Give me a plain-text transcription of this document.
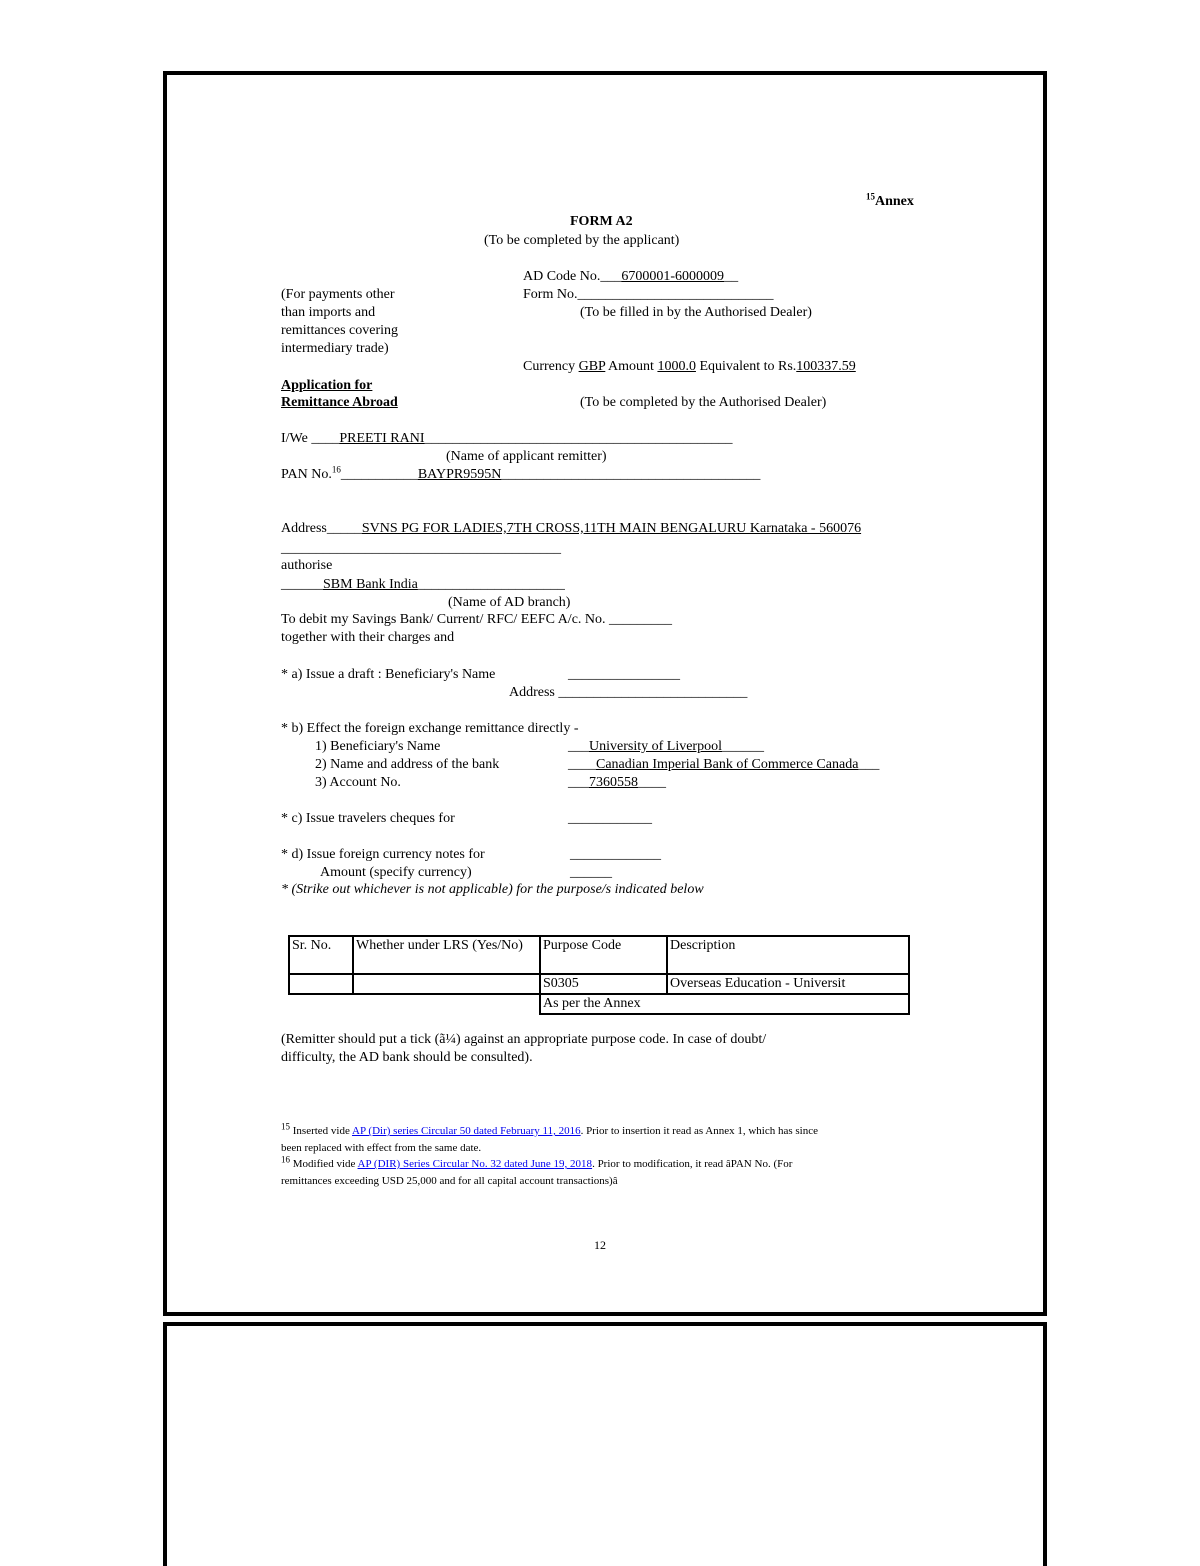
$^{15}$Annex
FORM A2
(To be completed by the applicant)
AD Code No.___6700001-6000009__
Form No.____________________________
(For payments other
than imports and
remittances covering
intermediary trade)
(To be filled in by the Authorised Dealer)
Currency GBP Amount 1000.0 Equivalent to Rs.100337.59
Application for
Remittance Abroad	(To be completed by the Authorised Dealer)
I/We ____PREETI RANI____________________________________________
(Name of applicant remitter)
PAN No.$^{16}$___________BAYPR9595N_____________________________________
Address_____SVNS PG FOR LADIES,7TH CROSS,11TH MAIN BENGALURU Karnataka - 560076
________________________________________
authorise
______SBM Bank India_____________________
(Name of AD branch)
To debit my Savings Bank/ Current/ RFC/ EEFC A/c. No. _________
together with their charges and
* a) Issue a draft : Beneficiary's Name	________________
Address ___________________________
* b) Effect the foreign exchange remittance directly -
1) Beneficiary's Name	___University of Liverpool______
2) Name and address of the bank	____Canadian Imperial Bank of Commerce Canada___
3) Account No.	___7360558____
* c) Issue travelers cheques for	____________
* d) Issue foreign currency notes for	_____________
Amount (specify currency)	______
* (Strike out whichever is not applicable) for the purpose/s indicated below
Sr. No.	Whether under LRS (Yes/No)	Purpose Code	Description
		S0305	Overseas Education - Universit
		As per the Annex	
(Remitter should put a tick (ã¼) against an appropriate purpose code. In case of doubt/
difficulty, the AD bank should be consulted).
$^{15}$ Inserted vide AP (Dir) series Circular 50 dated February 11, 2016. Prior to insertion it read as Annex 1, which has since
been replaced with effect from the same date.
$^{16}$ Modified vide AP (DIR) Series Circular No. 32 dated June 19, 2018. Prior to modification, it read âPAN No. (For
remittances exceeding USD 25,000 and for all capital account transactions)â
12
